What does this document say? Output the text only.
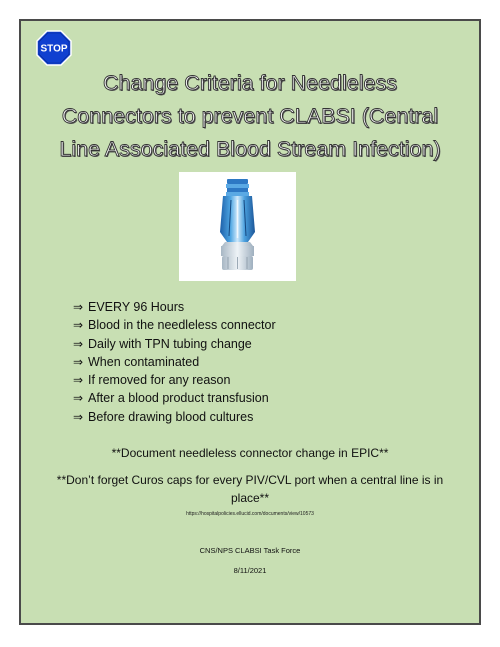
STOP
Change Criteria for Needleless
Connectors to prevent CLABSI (Central
Line Associated Blood Stream Infection)
⇒ EVERY 96 Hours
⇒ Blood in the needleless connector
⇒ Daily with TPN tubing change
⇒ When contaminated
⇒ If removed for any reason
⇒ After a blood product transfusion
⇒ Before drawing blood cultures
**Document needleless connector change in EPIC**
**Don’t forget Curos caps for every PIV/CVL port when a central line is in place**
https://hospitalpolicies.ellucid.com/documents/view/10573
CNS/NPS CLABSI Task Force
8/11/2021
